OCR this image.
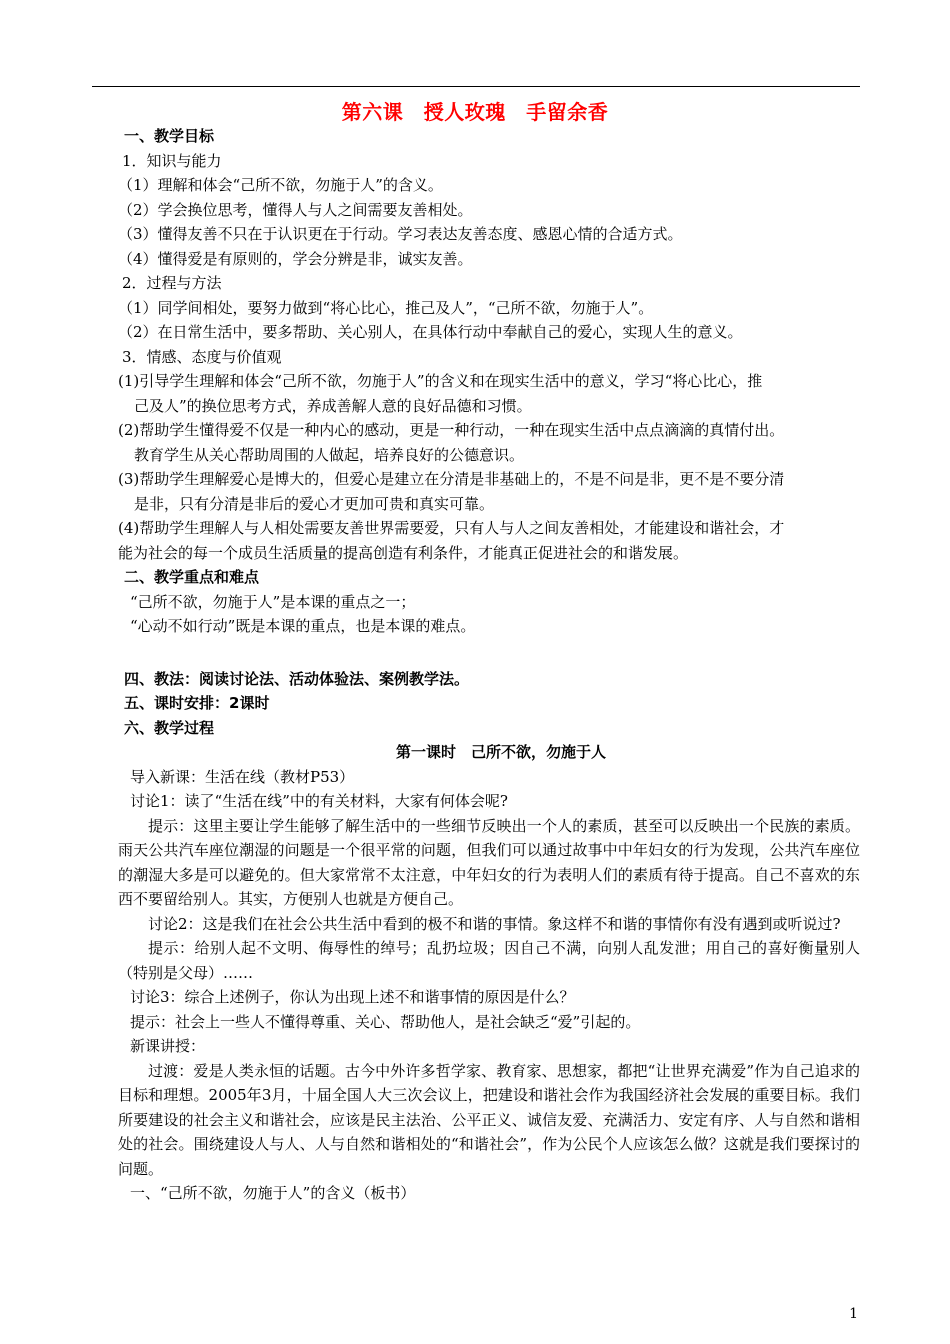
第六课　授人玫瑰　手留余香

一、教学目标

1．知识与能力

（1）理解和体会“己所不欲，勿施于人”的含义。

（2）学会换位思考，懂得人与人之间需要友善相处。

（3）懂得友善不只在于认识更在于行动。学习表达友善态度、感恩心情的合适方式。

（4）懂得爱是有原则的，学会分辨是非，诚实友善。

2．过程与方法

（1）同学间相处，要努力做到“将心比心，推己及人”，“己所不欲，勿施于人”。

（2）在日常生活中，要多帮助、关心别人，在具体行动中奉献自己的爱心，实现人生的意义。

3．情感、态度与价值观

(1)引导学生理解和体会“己所不欲，勿施于人”的含义和在现实生活中的意义，学习“将心比心，推

己及人”的换位思考方式，养成善解人意的良好品德和习惯。

(2)帮助学生懂得爱不仅是一种内心的感动，更是一种行动，一种在现实生活中点点滴滴的真情付出。

教育学生从关心帮助周围的人做起，培养良好的公德意识。

(3)帮助学生理解爱心是博大的，但爱心是建立在分清是非基础上的，不是不问是非，更不是不要分清

是非，只有分清是非后的爱心才更加可贵和真实可靠。

(4)帮助学生理解人与人相处需要友善世界需要爱，只有人与人之间友善相处，才能建设和谐社会，才

能为社会的每一个成员生活质量的提高创造有利条件，才能真正促进社会的和谐发展。

二、教学重点和难点

“己所不欲，勿施于人”是本课的重点之一；

“心动不如行动”既是本课的重点，也是本课的难点。

四、教法：阅读讨论法、活动体验法、案例教学法。

五、课时安排：2课时

六、教学过程

第一课时　己所不欲，勿施于人

导入新课：生活在线（教材P53）

讨论1：读了“生活在线”中的有关材料，大家有何体会呢?

提示：这里主要让学生能够了解生活中的一些细节反映出一个人的素质，甚至可以反映出一个民族的素质。雨天公共汽车座位潮湿的问题是一个很平常的问题，但我们可以通过故事中中年妇女的行为发现，公共汽车座位的潮湿大多是可以避免的。但大家常常不太注意，中年妇女的行为表明人们的素质有待于提高。自己不喜欢的东西不要留给别人。其实，方便别人也就是方便自己。

讨论2：这是我们在社会公共生活中看到的极不和谐的事情。象这样不和谐的事情你有没有遇到或听说过?

提示：给别人起不文明、侮辱性的绰号；乱扔垃圾；因自己不满，向别人乱发泄；用自己的喜好衡量别人（特别是父母）……

讨论3：综合上述例子，你认为出现上述不和谐事情的原因是什么？

提示：社会上一些人不懂得尊重、关心、帮助他人，是社会缺乏“爱”引起的。

新课讲授：

过渡：爱是人类永恒的话题。古今中外许多哲学家、教育家、思想家，都把“让世界充满爱”作为自己追求的目标和理想。2005年3月，十届全国人大三次会议上，把建设和谐社会作为我国经济社会发展的重要目标。我们所要建设的社会主义和谐社会，应该是民主法治、公平正义、诚信友爱、充满活力、安定有序、人与自然和谐相处的社会。围绕建设人与人、人与自然和谐相处的“和谐社会”，作为公民个人应该怎么做？这就是我们要探讨的问题。

一、“己所不欲，勿施于人”的含义（板书）

1
